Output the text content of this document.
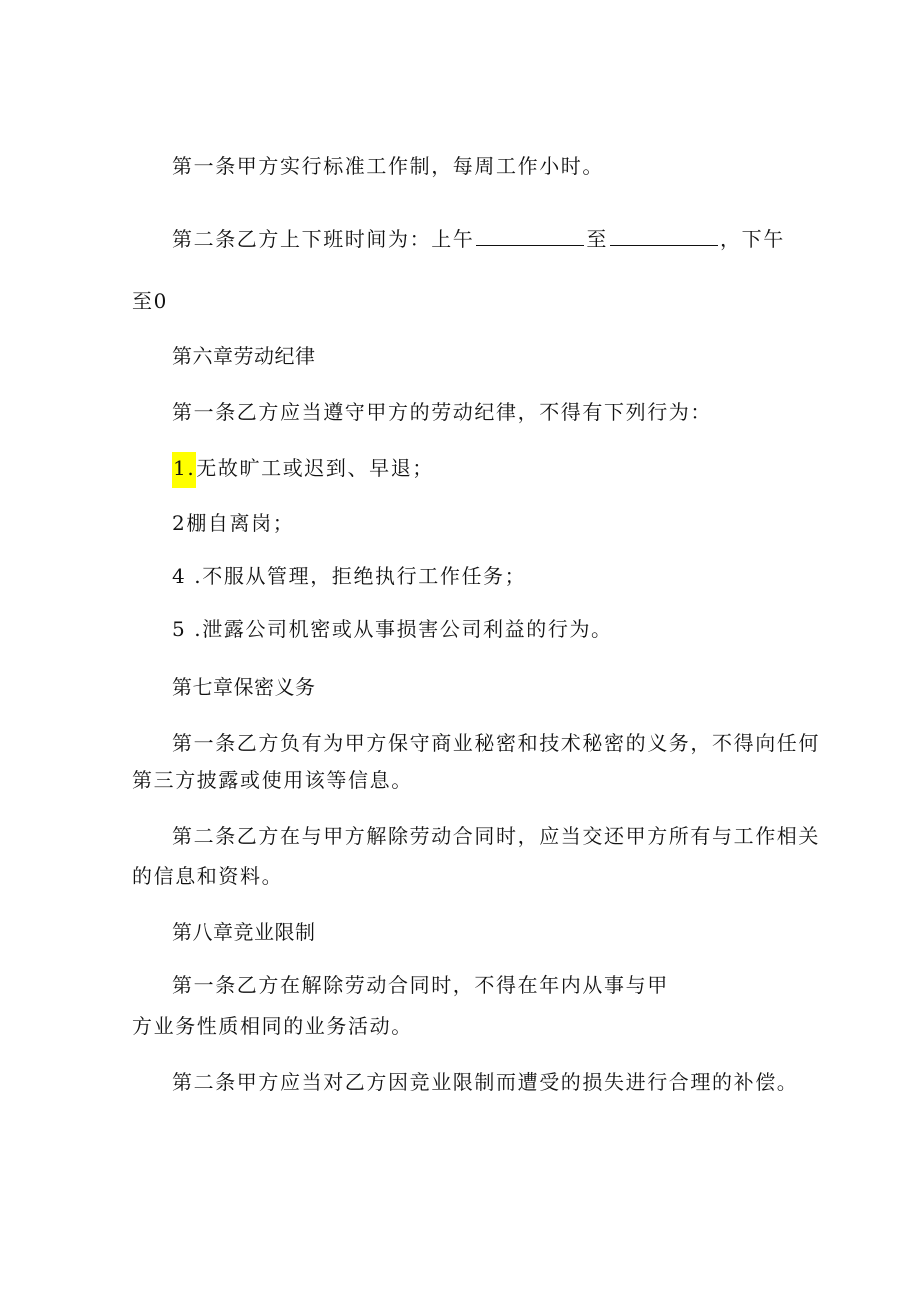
第一条甲方实行标准工作制，每周工作小时。
第二条乙方上下班时间为：上午	至	，下午
至0
第六章劳动纪律
第一条乙方应当遵守甲方的劳动纪律，不得有下列行为：
1.无故旷工或迟到、早退；
2棚自离岗；
4 .不服从管理，拒绝执行工作任务；
5 .泄露公司机密或从事损害公司利益的行为。
第七章保密义务
第一条乙方负有为甲方保守商业秘密和技术秘密的义务，不得向任何
第三方披露或使用该等信息。
第二条乙方在与甲方解除劳动合同时，应当交还甲方所有与工作相关
的信息和资料。
第八章竞业限制
第一条乙方在解除劳动合同时，不得在年内从事与甲
方业务性质相同的业务活动。
第二条甲方应当对乙方因竞业限制而遭受的损失进行合理的补偿。
